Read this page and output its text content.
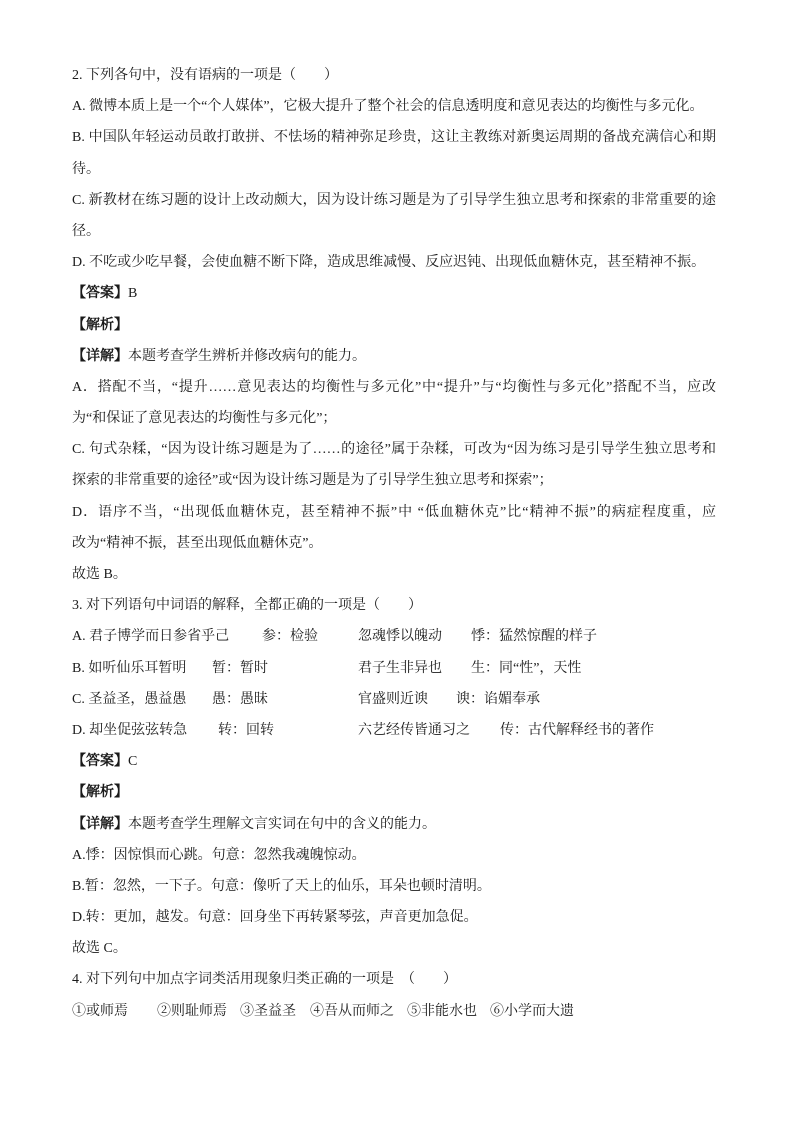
2. 下列各句中，没有语病的一项是（　　）
A. 微博本质上是一个“个人媒体”，它极大提升了整个社会的信息透明度和意见表达的均衡性与多元化。
B. 中国队年轻运动员敢打敢拼、不怯场的精神弥足珍贵，这让主教练对新奥运周期的备战充满信心和期
待。
C. 新教材在练习题的设计上改动颇大，因为设计练习题是为了引导学生独立思考和探索的非常重要的途
径。
D. 不吃或少吃早餐，会使血糖不断下降，造成思维减慢、反应迟钝、出现低血糖休克，甚至精神不振。
【答案】B
【解析】
【详解】本题考查学生辨析并修改病句的能力。
A．搭配不当，“提升……意见表达的均衡性与多元化”中“提升”与“均衡性与多元化”搭配不当，应改
为“和保证了意见表达的均衡性与多元化”；
C. 句式杂糅，“因为设计练习题是为了……的途径”属于杂糅，可改为“因为练习是引导学生独立思考和
探索的非常重要的途径”或“因为设计练习题是为了引导学生独立思考和探索”；
D．语序不当，“出现低血糖休克，甚至精神不振”中 “低血糖休克”比“精神不振”的病症程度重，应
改为“精神不振，甚至出现低血糖休克”。
故选 B。
3. 对下列语句中词语的解释，全都正确的一项是（　　）
A. 君子博学而日参省乎己 参：检验	忽魂悸以魄动 悸：猛然惊醒的样子
B. 如听仙乐耳暂明 暂：暂时	君子生非异也 生：同“性”，天性
C. 圣益圣，愚益愚 愚：愚昧	官盛则近谀 谀：谄媚奉承
D. 却坐促弦弦转急 转：回转	六艺经传皆通习之 传：古代解释经书的著作
【答案】C
【解析】
【详解】本题考查学生理解文言实词在句中的含义的能力。
A.悸：因惊惧而心跳。句意：忽然我魂魄惊动。
B.暂：忽然，一下子。句意：像听了天上的仙乐，耳朵也顿时清明。
D.转：更加，越发。句意：回身坐下再转紧琴弦，声音更加急促。
故选 C。
4. 对下列句中加点字词类活用现象归类正确的一项是　（　　）
①或师焉 ②则耻师焉 ③圣益圣 ④吾从而师之 ⑤非能水也 ⑥小学而大遗
